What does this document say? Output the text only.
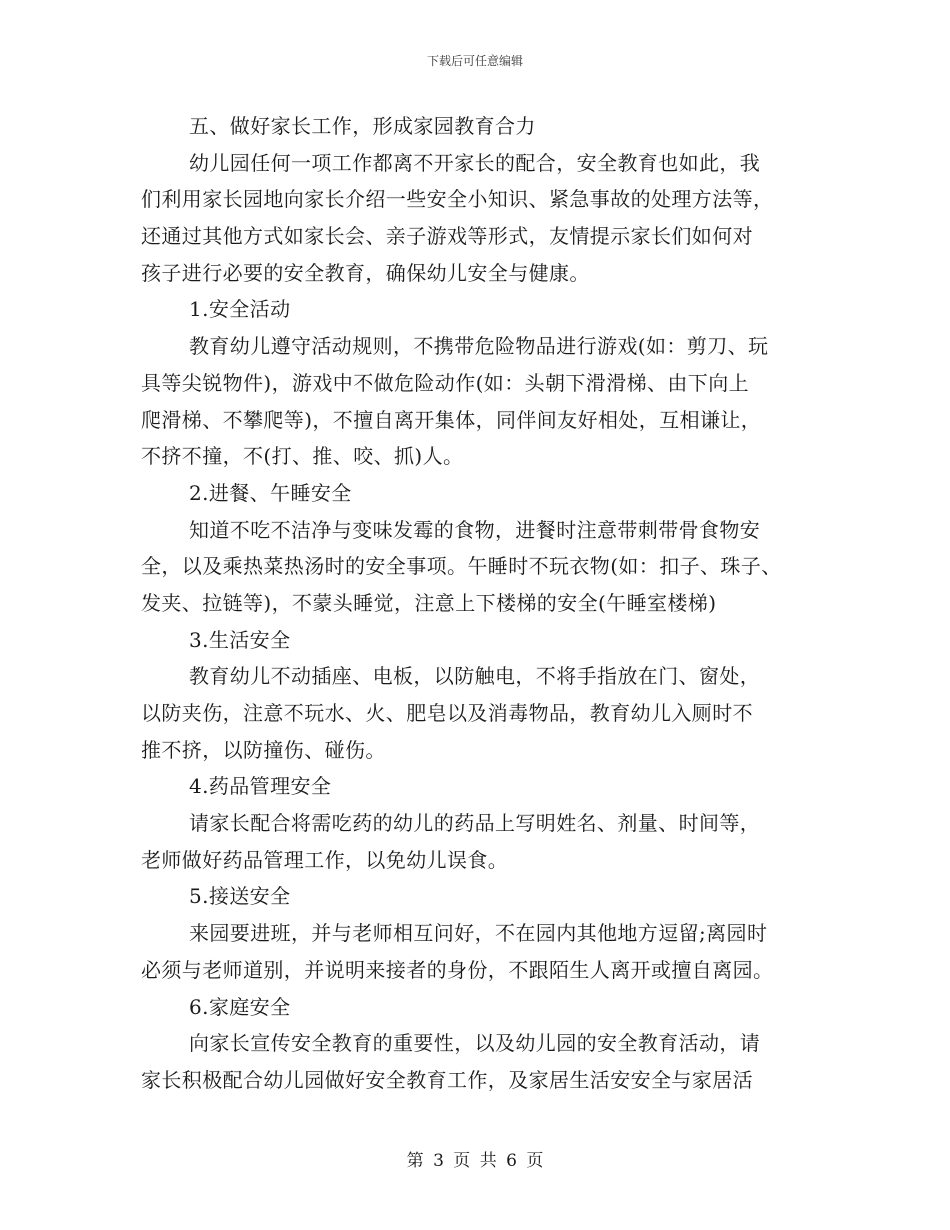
下载后可任意编辑
五、做好家长工作，形成家园教育合力
幼儿园任何一项工作都离不开家长的配合，安全教育也如此，我
们利用家长园地向家长介绍一些安全小知识、紧急事故的处理方法等，
还通过其他方式如家长会、亲子游戏等形式，友情提示家长们如何对
孩子进行必要的安全教育，确保幼儿安全与健康。
1.安全活动
教育幼儿遵守活动规则，不携带危险物品进行游戏(如：剪刀、玩
具等尖锐物件)，游戏中不做危险动作(如：头朝下滑滑梯、由下向上
爬滑梯、不攀爬等)，不擅自离开集体，同伴间友好相处，互相谦让，
不挤不撞，不(打、推、咬、抓)人。
2.进餐、午睡安全
知道不吃不洁净与变味发霉的食物，进餐时注意带刺带骨食物安
全，以及乘热菜热汤时的安全事项。午睡时不玩衣物(如：扣子、珠子、
发夹、拉链等)，不蒙头睡觉，注意上下楼梯的安全(午睡室楼梯)
3.生活安全
教育幼儿不动插座、电板，以防触电，不将手指放在门、窗处，
以防夹伤，注意不玩水、火、肥皂以及消毒物品，教育幼儿入厕时不
推不挤，以防撞伤、碰伤。
4.药品管理安全
请家长配合将需吃药的幼儿的药品上写明姓名、剂量、时间等，
老师做好药品管理工作，以免幼儿误食。
5.接送安全
来园要进班，并与老师相互问好，不在园内其他地方逗留;离园时
必须与老师道别，并说明来接者的身份，不跟陌生人离开或擅自离园。
6.家庭安全
向家长宣传安全教育的重要性，以及幼儿园的安全教育活动，请
家长积极配合幼儿园做好安全教育工作，及家居生活安安全与家居活
第 3 页 共 6 页
